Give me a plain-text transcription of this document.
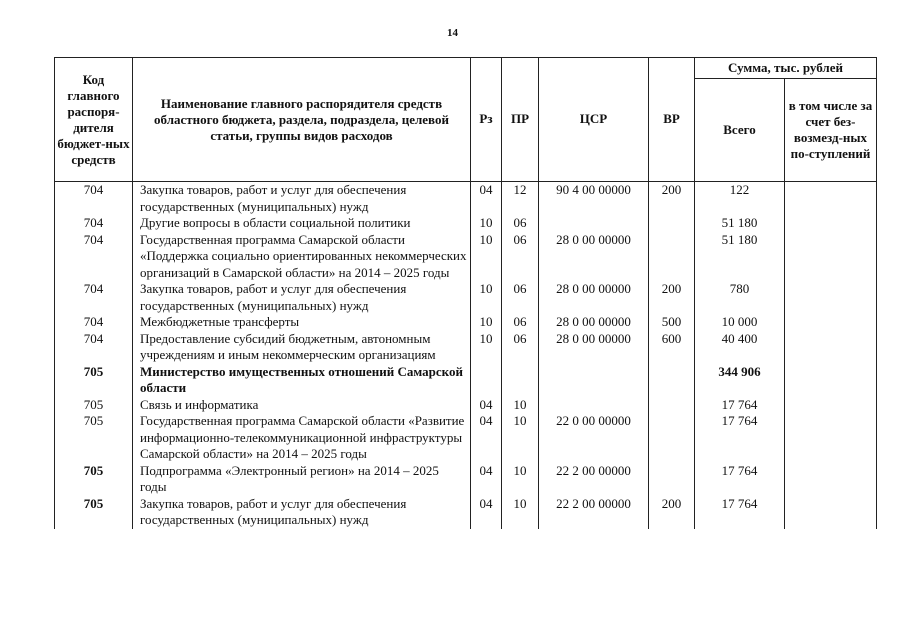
14
Код главного распоря-дителя бюджет-ных средств	Наименование главного распорядителя средств областного бюджета, раздела, подраздела, целевой статьи, группы видов расходов	Рз	ПР	ЦСР	ВР	Сумма, тыс. рублей	
						Всего	в том числе за счет без-возмезд-ных по-ступлений
704	Закупка товаров, работ и услуг для обеспечения государственных (муниципальных) нужд	04	12	90 4 00 00000	200	122	
704	Другие вопросы в области социальной политики	10	06			51 180	
704	Государственная программа Самарской области «Поддержка социально ориентированных некоммерческих организаций в Самарской области» на 2014 – 2025 годы	10	06	28 0 00 00000		51 180	
704	Закупка товаров, работ и услуг для обеспечения государственных (муниципальных) нужд	10	06	28 0 00 00000	200	780	
704	Межбюджетные трансферты	10	06	28 0 00 00000	500	10 000	
704	Предоставление субсидий бюджетным, автономным учреждениям и иным некоммерческим организациям	10	06	28 0 00 00000	600	40 400	
705	Министерство имущественных отношений Самарской области					344 906	
705	Связь и информатика	04	10			17 764	
705	Государственная программа Самарской области «Развитие информационно-телекоммуникационной инфраструктуры Самарской области» на 2014 – 2025 годы	04	10	22 0 00 00000		17 764	
705	Подпрограмма «Электронный регион» на 2014 – 2025 годы	04	10	22 2 00 00000		17 764	
705	Закупка товаров, работ и услуг для обеспечения государственных (муниципальных) нужд	04	10	22 2 00 00000	200	17 764	
